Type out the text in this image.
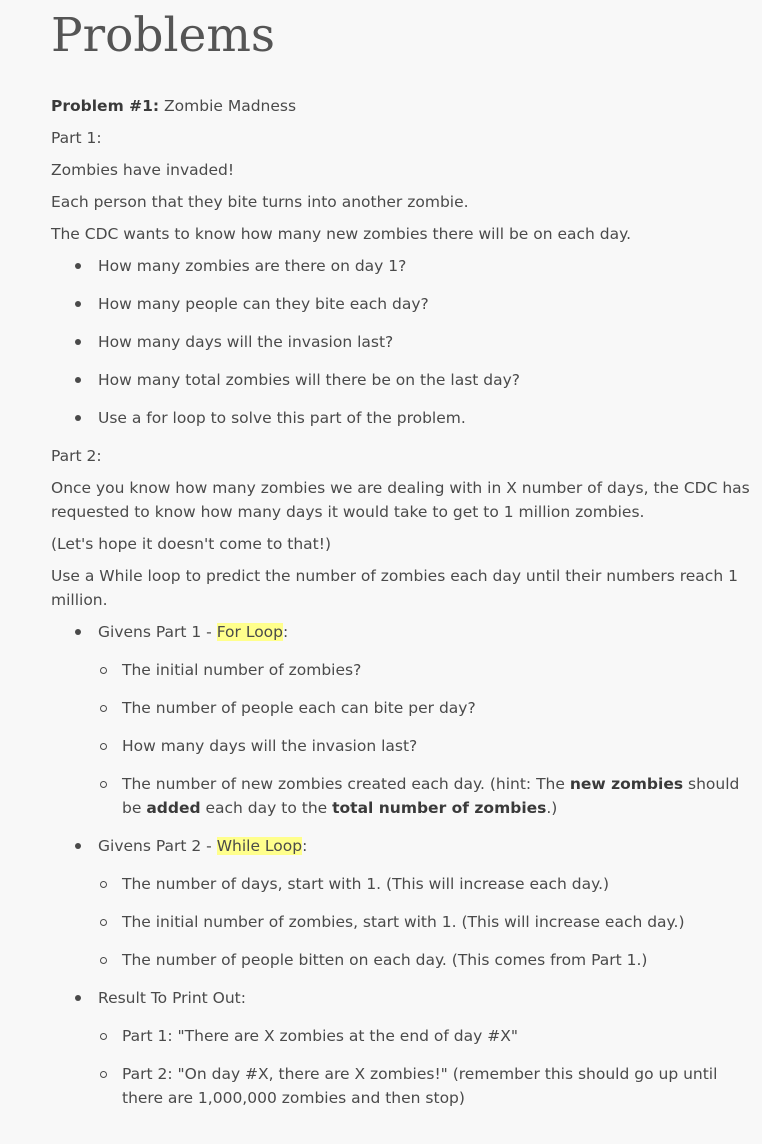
Problems

Problem #1: Zombie Madness

Part 1:

Zombies have invaded!

Each person that they bite turns into another zombie.

The CDC wants to know how many new zombies there will be on each day.

How many zombies are there on day 1?
How many people can they bite each day?
How many days will the invasion last?
How many total zombies will there be on the last day?
Use a for loop to solve this part of the problem.

Part 2:

Once you know how many zombies we are dealing with in X number of days, the CDC has requested to know how many days it would take to get to 1 million zombies.

(Let's hope it doesn't come to that!)

Use a While loop to predict the number of zombies each day until their numbers reach 1 million.

Givens Part 1 - For Loop:
The initial number of zombies?
The number of people each can bite per day?
How many days will the invasion last?
The number of new zombies created each day. (hint: The new zombies should be added each day to the total number of zombies.)
Givens Part 2 - While Loop:
The number of days, start with 1. (This will increase each day.)
The initial number of zombies, start with 1. (This will increase each day.)
The number of people bitten on each day. (This comes from Part 1.)
Result To Print Out:
Part 1: "There are X zombies at the end of day #X"
Part 2: "On day #X, there are X zombies!" (remember this should go up until there are 1,000,000 zombies and then stop)
